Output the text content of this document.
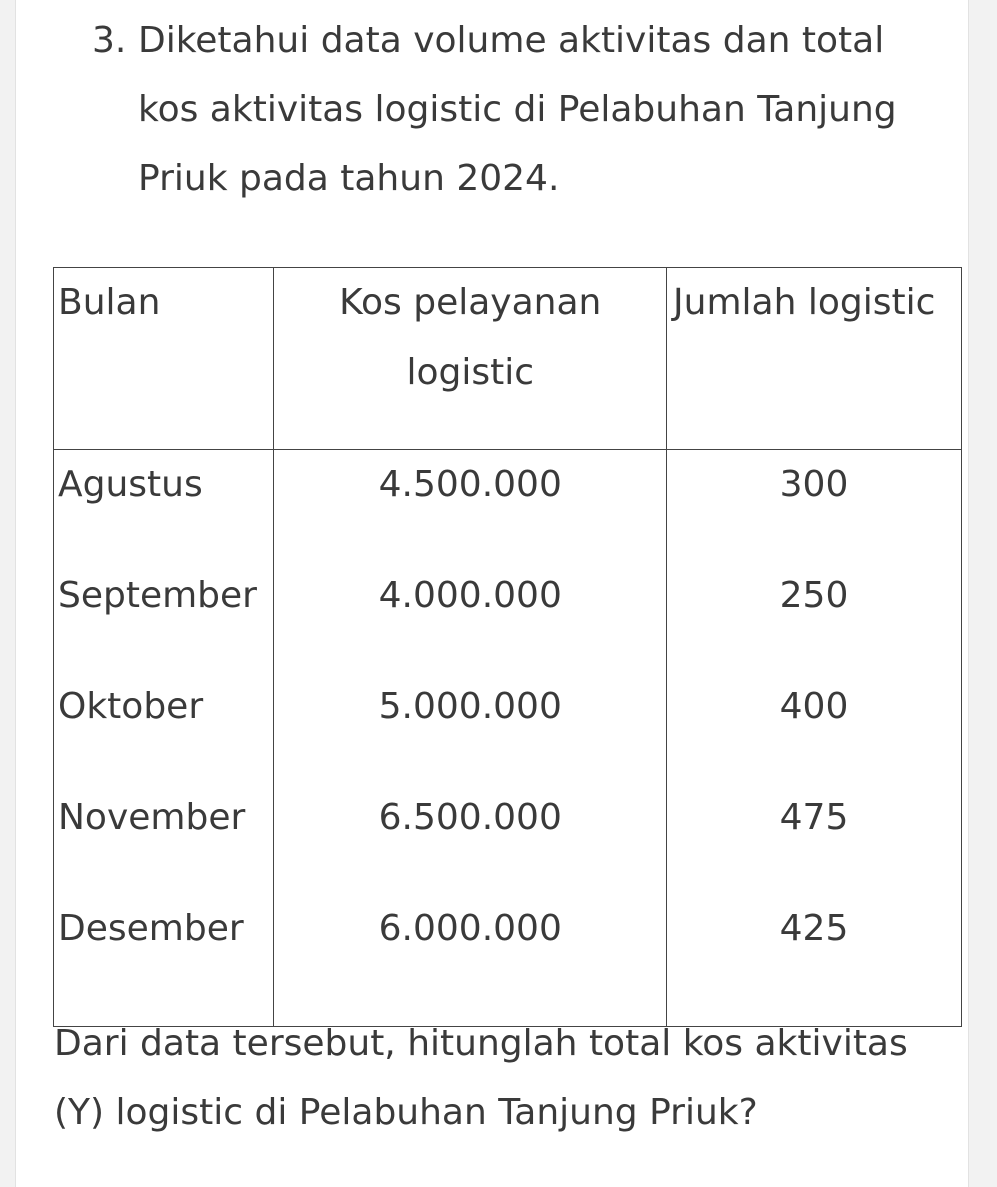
3. Diketahui data volume aktivitas dan total kos aktivitas logistic di Pelabuhan Tanjung Priuk pada tahun 2024.

Bulan	Kos pelayanan logistic	Jumlah logistic
Agustus	4.500.000	300
September	4.000.000	250
Oktober	5.000.000	400
November	6.500.000	475
Desember	6.000.000	425

Dari data tersebut, hitunglah total kos aktivitas (Y) logistic di Pelabuhan Tanjung Priuk?
